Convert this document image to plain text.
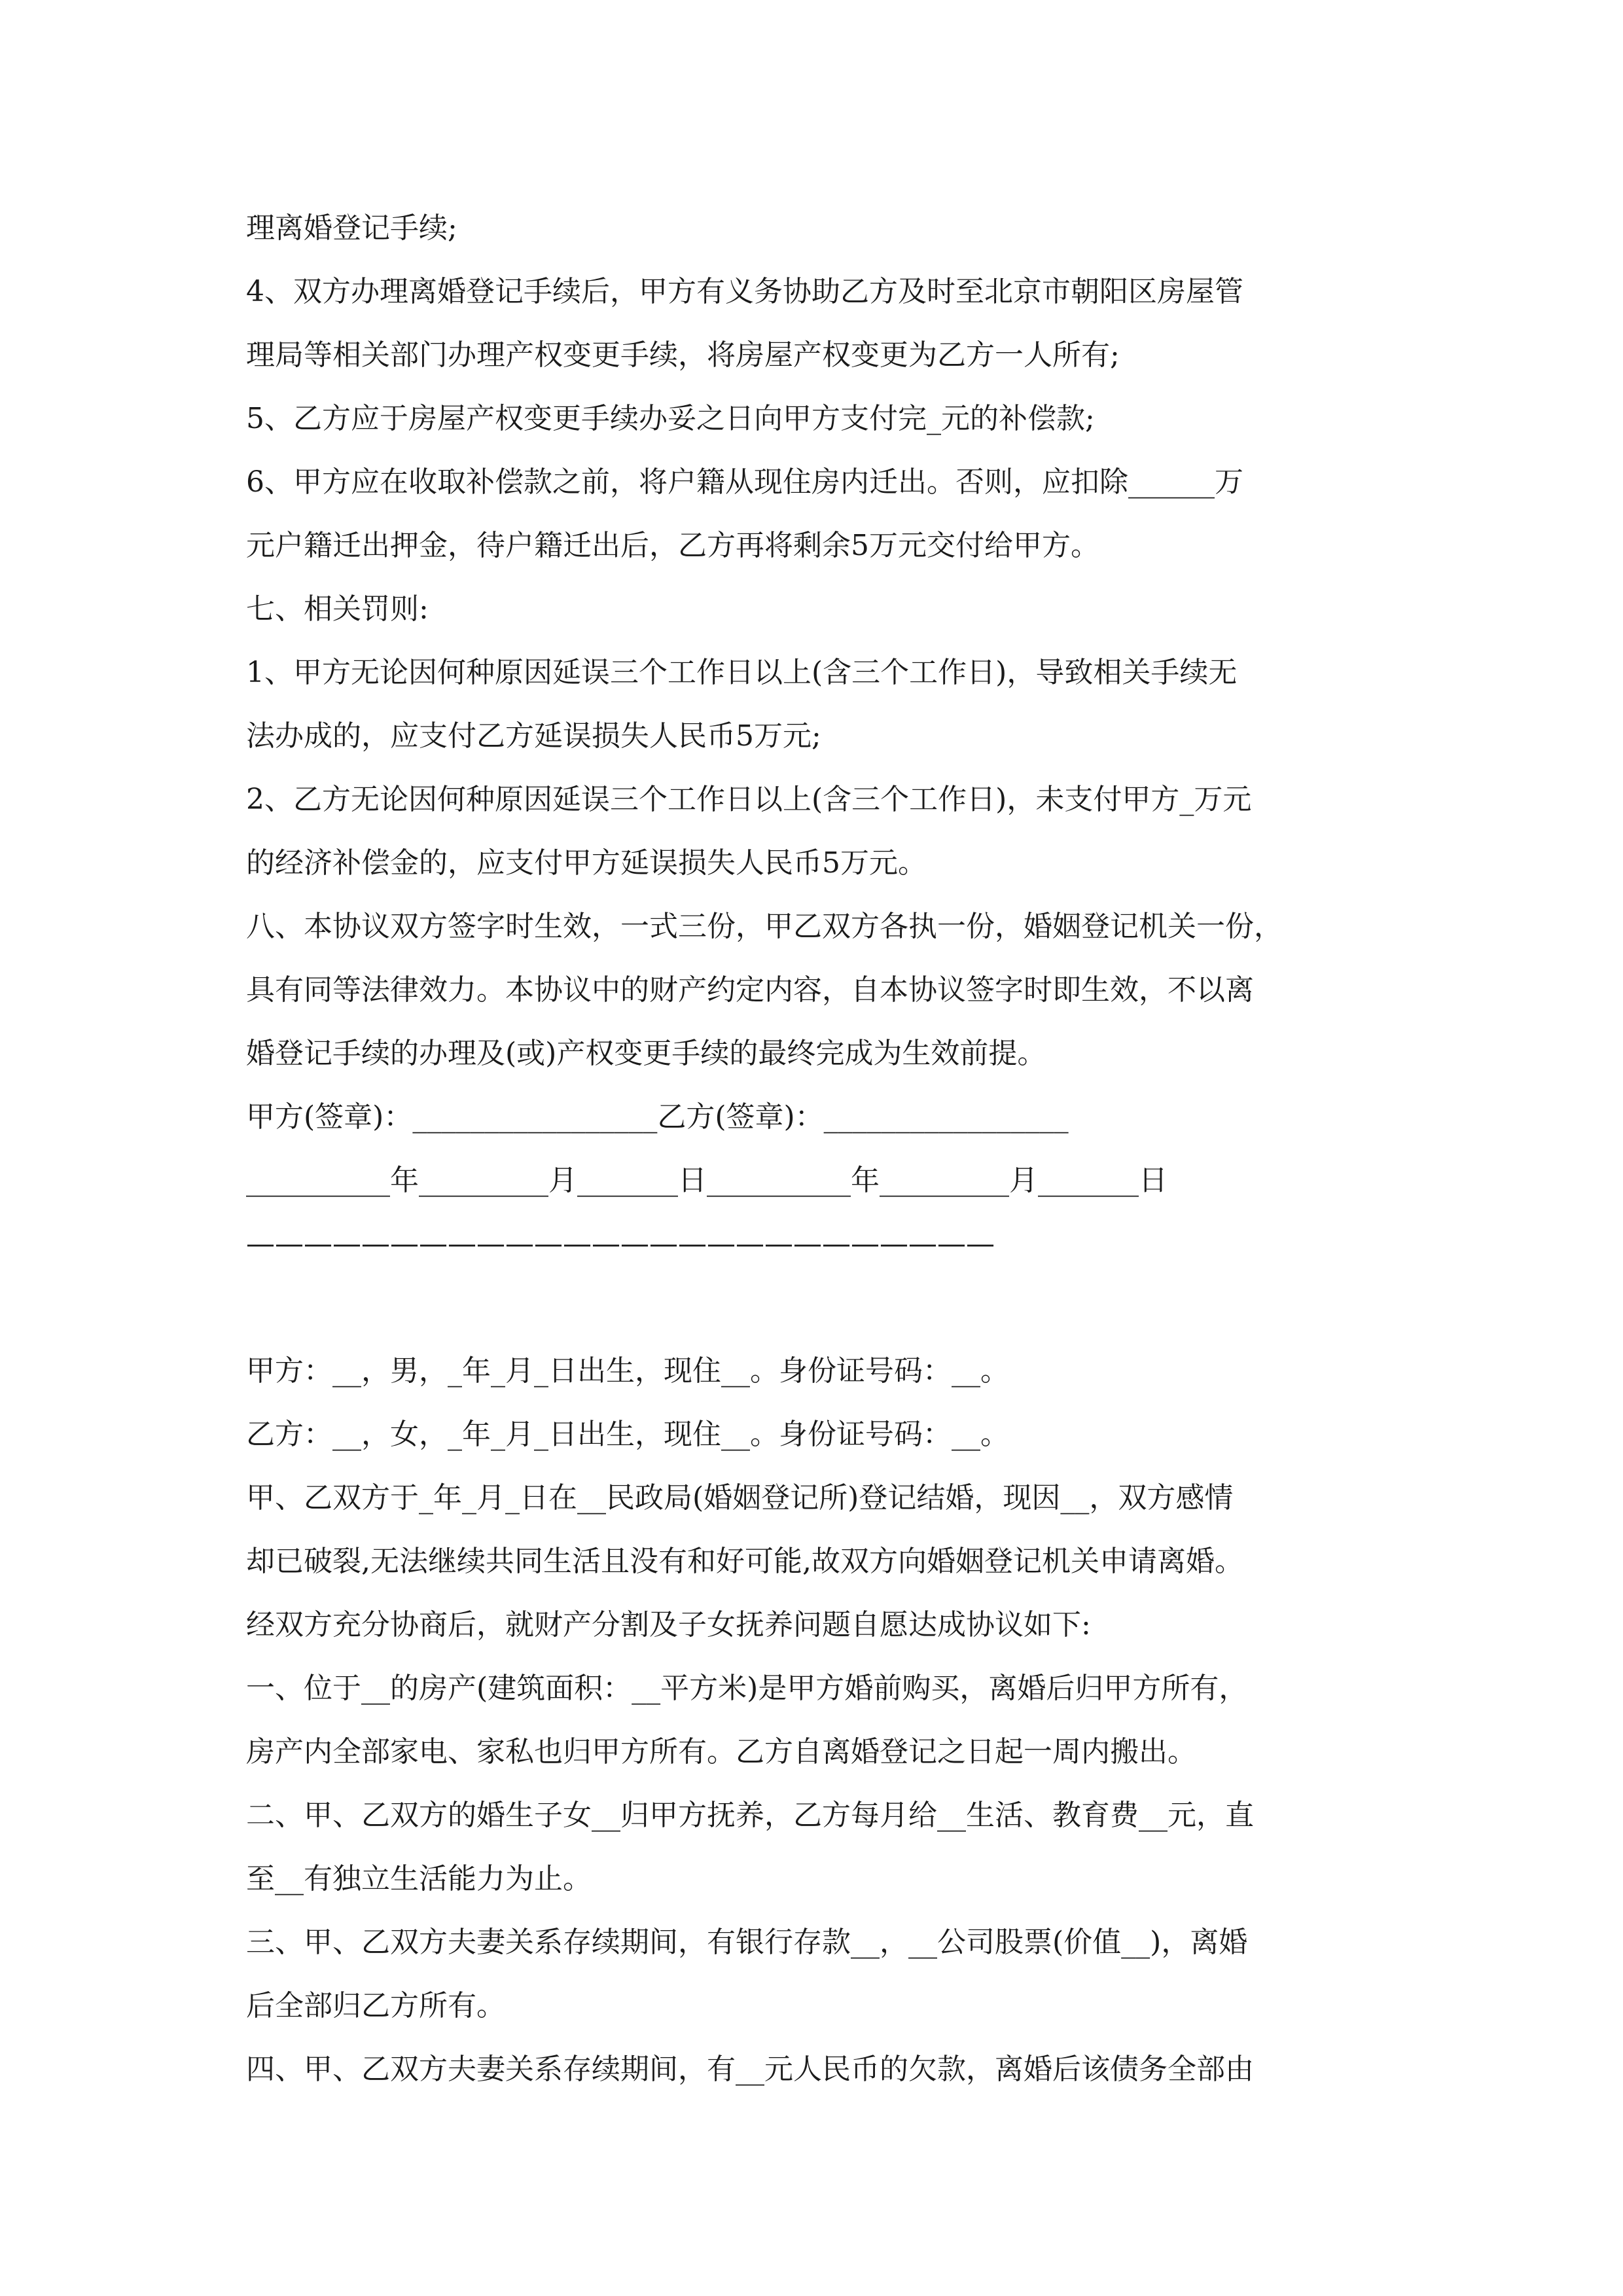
理离婚登记手续;
4、双方办理离婚登记手续后，甲方有义务协助乙方及时至北京市朝阳区房屋管
理局等相关部门办理产权变更手续，将房屋产权变更为乙方一人所有;
5、乙方应于房屋产权变更手续办妥之日向甲方支付完_元的补偿款;
6、甲方应在收取补偿款之前，将户籍从现住房内迁出。否则，应扣除______万
元户籍迁出押金，待户籍迁出后，乙方再将剩余5万元交付给甲方。
七、相关罚则:
1、甲方无论因何种原因延误三个工作日以上(含三个工作日)，导致相关手续无
法办成的，应支付乙方延误损失人民币5万元;
2、乙方无论因何种原因延误三个工作日以上(含三个工作日)，未支付甲方_万元
的经济补偿金的，应支付甲方延误损失人民币5万元。
八、本协议双方签字时生效，一式三份，甲乙双方各执一份，婚姻登记机关一份，
具有同等法律效力。本协议中的财产约定内容，自本协议签字时即生效，不以离
婚登记手续的办理及(或)产权变更手续的最终完成为生效前提。
甲方(签章)：_________________乙方(签章)：_________________
__________年_________月_______日__________年_________月_______日
——————————————————————————
甲方：__，男，_年_月_日出生，现住__。身份证号码：__。
乙方：__，女，_年_月_日出生，现住__。身份证号码：__。
甲、乙双方于_年_月_日在__民政局(婚姻登记所)登记结婚，现因__，双方感情
却已破裂,无法继续共同生活且没有和好可能,故双方向婚姻登记机关申请离婚。
经双方充分协商后，就财产分割及子女抚养问题自愿达成协议如下:
一、位于__的房产(建筑面积：__平方米)是甲方婚前购买，离婚后归甲方所有，
房产内全部家电、家私也归甲方所有。乙方自离婚登记之日起一周内搬出。
二、甲、乙双方的婚生子女__归甲方抚养，乙方每月给__生活、教育费__元，直
至__有独立生活能力为止。
三、甲、乙双方夫妻关系存续期间，有银行存款__，__公司股票(价值__)，离婚
后全部归乙方所有。
四、甲、乙双方夫妻关系存续期间，有__元人民币的欠款，离婚后该债务全部由
